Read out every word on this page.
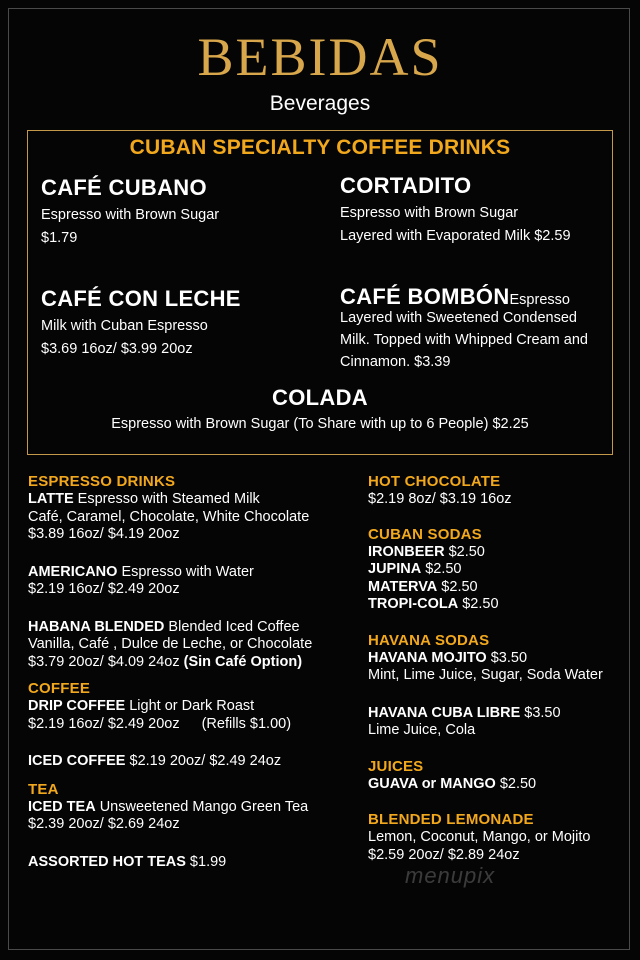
BEBIDAS
Beverages
CUBAN SPECIALTY COFFEE DRINKS
CAFÉ CUBANO
Espresso with Brown Sugar
$1.79
CORTADITO
Espresso with Brown Sugar
Layered with Evaporated Milk $2.59
CAFÉ CON LECHE
Milk with Cuban Espresso
$3.69 16oz/ $3.99 20oz
CAFÉ BOMBÓNEspresso
Layered with Sweetened Condensed
Milk. Topped with Whipped Cream and
Cinnamon. $3.39
COLADA
Espresso with Brown Sugar (To Share with up to 6 People) $2.25
ESPRESSO DRINKS
LATTE Espresso with Steamed Milk
Café, Caramel, Chocolate, White Chocolate
$3.89 16oz/ $4.19 20oz
AMERICANO Espresso with Water
$2.19 16oz/ $2.49 20oz
HABANA BLENDED Blended Iced Coffee
Vanilla, Café , Dulce de Leche, or Chocolate
$3.79 20oz/ $4.09 24oz (Sin Café Option)
COFFEE
DRIP COFFEE Light or Dark Roast
$2.19 16oz/ $2.49 20oz (Refills $1.00)
ICED COFFEE $2.19 20oz/ $2.49 24oz
TEA
ICED TEA Unsweetened Mango Green Tea
$2.39 20oz/ $2.69 24oz
ASSORTED HOT TEAS $1.99
HOT CHOCOLATE
$2.19 8oz/ $3.19 16oz
CUBAN SODAS
IRONBEER $2.50
JUPINA $2.50
MATERVA $2.50
TROPI-COLA $2.50
HAVANA SODAS
HAVANA MOJITO $3.50
Mint, Lime Juice, Sugar, Soda Water
HAVANA CUBA LIBRE $3.50
Lime Juice, Cola
JUICES
GUAVA or MANGO $2.50
BLENDED LEMONADE
Lemon, Coconut, Mango, or Mojito
$2.59 20oz/ $2.89 24oz
menupix
